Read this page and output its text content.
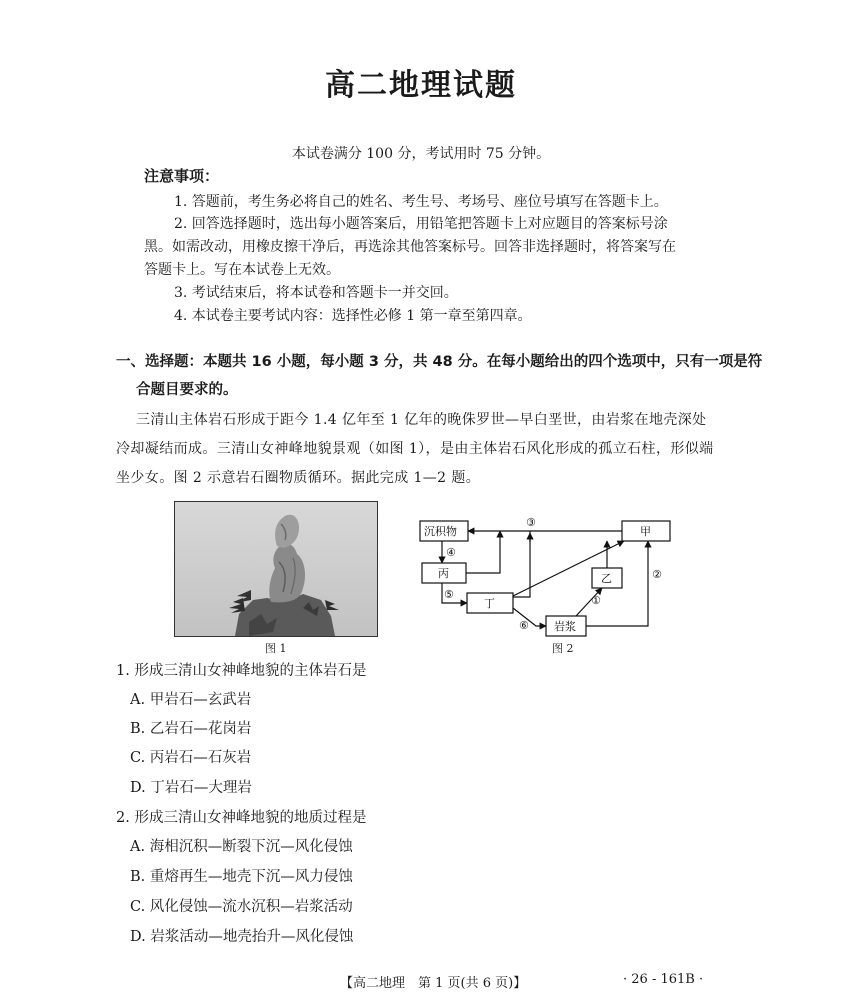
高二地理试题
本试卷满分 100 分，考试用时 75 分钟。
注意事项：
1. 答题前，考生务必将自己的姓名、考生号、考场号、座位号填写在答题卡上。
2. 回答选择题时，选出每小题答案后，用铅笔把答题卡上对应题目的答案标号涂
黑。如需改动，用橡皮擦干净后，再选涂其他答案标号。回答非选择题时，将答案写在
答题卡上。写在本试卷上无效。
3. 考试结束后，将本试卷和答题卡一并交回。
4. 本试卷主要考试内容：选择性必修 1 第一章至第四章。
一、选择题：本题共 16 小题，每小题 3 分，共 48 分。在每小题给出的四个选项中，只有一项是符
合题目要求的。
三清山主体岩石形成于距今 1.4 亿年至 1 亿年的晚侏罗世—早白垩世，由岩浆在地壳深处
冷却凝结而成。三清山女神峰地貌景观（如图 1），是由主体岩石风化形成的孤立石柱，形似端
坐少女。图 2 示意岩石圈物质循环。据此完成 1—2 题。
图 1
沉积物	甲
丙	乙
丁
岩浆
①
②
③
④
⑤
⑥
图 2
1. 形成三清山女神峰地貌的主体岩石是
A. 甲岩石—玄武岩
B. 乙岩石—花岗岩
C. 丙岩石—石灰岩
D. 丁岩石—大理岩
2. 形成三清山女神峰地貌的地质过程是
A. 海相沉积—断裂下沉—风化侵蚀
B. 重熔再生—地壳下沉—风力侵蚀
C. 风化侵蚀—流水沉积—岩浆活动
D. 岩浆活动—地壳抬升—风化侵蚀
【高二地理　第 1 页(共 6 页)】	· 26 - 161B ·
